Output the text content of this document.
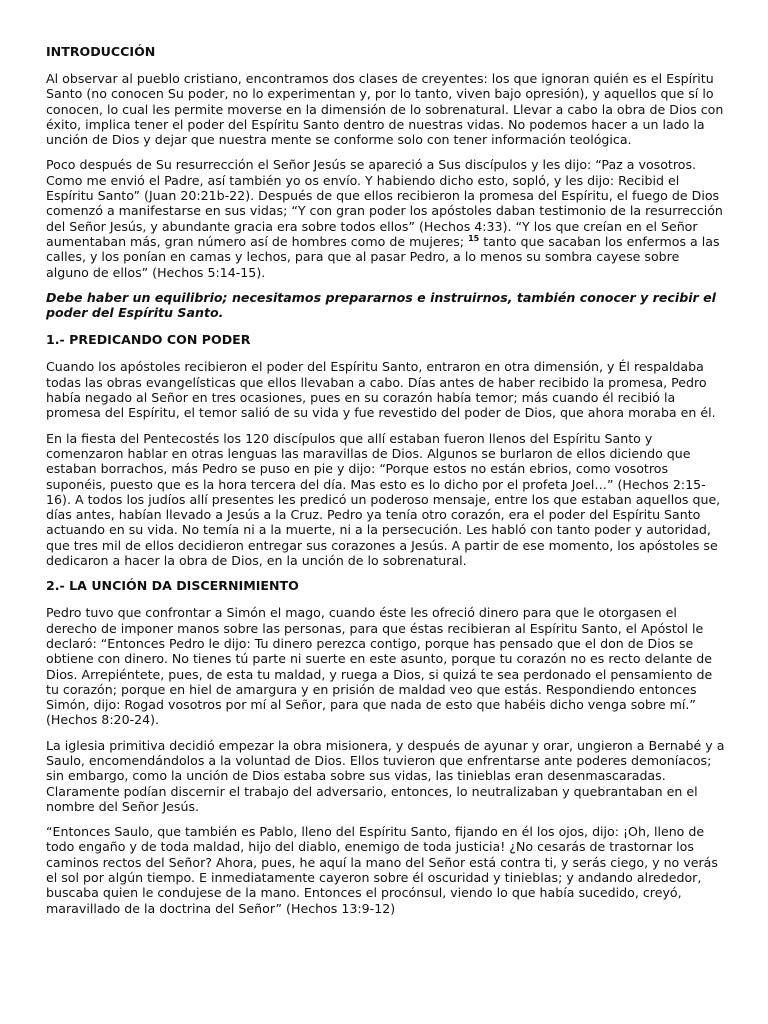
INTRODUCCIÓN

Al observar al pueblo cristiano, encontramos dos clases de creyentes: los que ignoran quién es el Espíritu Santo (no conocen Su poder, no lo experimentan y, por lo tanto, viven bajo opresión), y aquellos que sí lo conocen, lo cual les permite moverse en la dimensión de lo sobrenatural. Llevar a cabo la obra de Dios con éxito, implica tener el poder del Espíritu Santo dentro de nuestras vidas. No podemos hacer a un lado la unción de Dios y dejar que nuestra mente se conforme solo con tener información teológica.

Poco después de Su resurrección el Señor Jesús se apareció a Sus discípulos y les dijo: “Paz a vosotros. Como me envió el Padre, así también yo os envío. Y habiendo dicho esto, sopló, y les dijo: Recibid el Espíritu Santo” (Juan 20:21b-22). Después de que ellos recibieron la promesa del Espíritu, el fuego de Dios comenzó a manifestarse en sus vidas; “Y con gran poder los apóstoles daban testimonio de la resurrección del Señor Jesús, y abundante gracia era sobre todos ellos” (Hechos 4:33). “Y los que creían en el Señor aumentaban más, gran número así de hombres como de mujeres; $^{15}$ tanto que sacaban los enfermos a las calles, y los ponían en camas y lechos, para que al pasar Pedro, a lo menos su sombra cayese sobre alguno de ellos” (Hechos 5:14-15).

Debe haber un equilibrio; necesitamos prepararnos e instruirnos, también conocer y recibir el poder del Espíritu Santo.

1.- PREDICANDO CON PODER

Cuando los apóstoles recibieron el poder del Espíritu Santo, entraron en otra dimensión, y Él respaldaba todas las obras evangelísticas que ellos llevaban a cabo. Días antes de haber recibido la promesa, Pedro había negado al Señor en tres ocasiones, pues en su corazón había temor; más cuando él recibió la promesa del Espíritu, el temor salió de su vida y fue revestido del poder de Dios, que ahora moraba en él.

En la fiesta del Pentecostés los 120 discípulos que allí estaban fueron llenos del Espíritu Santo y comenzaron hablar en otras lenguas las maravillas de Dios. Algunos se burlaron de ellos diciendo que estaban borrachos, más Pedro se puso en pie y dijo: “Porque estos no están ebrios, como vosotros suponéis, puesto que es la hora tercera del día. Mas esto es lo dicho por el profeta Joel…” (Hechos 2:15-16). A todos los judíos allí presentes les predicó un poderoso mensaje, entre los que estaban aquellos que, días antes, habían llevado a Jesús a la Cruz. Pedro ya tenía otro corazón, era el poder del Espíritu Santo actuando en su vida. No temía ni a la muerte, ni a la persecución. Les habló con tanto poder y autoridad, que tres mil de ellos decidieron entregar sus corazones a Jesús. A partir de ese momento, los apóstoles se dedicaron a hacer la obra de Dios, en la unción de lo sobrenatural.

2.- LA UNCIÓN DA DISCERNIMIENTO

Pedro tuvo que confrontar a Simón el mago, cuando éste les ofreció dinero para que le otorgasen el derecho de imponer manos sobre las personas, para que éstas recibieran al Espíritu Santo, el Apóstol le declaró: “Entonces Pedro le dijo: Tu dinero perezca contigo, porque has pensado que el don de Dios se obtiene con dinero. No tienes tú parte ni suerte en este asunto, porque tu corazón no es recto delante de Dios. Arrepiéntete, pues, de esta tu maldad, y ruega a Dios, si quizá te sea perdonado el pensamiento de tu corazón; porque en hiel de amargura y en prisión de maldad veo que estás. Respondiendo entonces Simón, dijo: Rogad vosotros por mí al Señor, para que nada de esto que habéis dicho venga sobre mí.” (Hechos 8:20-24).

La iglesia primitiva decidió empezar la obra misionera, y después de ayunar y orar, ungieron a Bernabé y a Saulo, encomendándolos a la voluntad de Dios. Ellos tuvieron que enfrentarse ante poderes demoníacos; sin embargo, como la unción de Dios estaba sobre sus vidas, las tinieblas eran desenmascaradas. Claramente podían discernir el trabajo del adversario, entonces, lo neutralizaban y quebrantaban en el nombre del Señor Jesús.

“Entonces Saulo, que también es Pablo, lleno del Espíritu Santo, fijando en él los ojos, dijo: ¡Oh, lleno de todo engaño y de toda maldad, hijo del diablo, enemigo de toda justicia! ¿No cesarás de trastornar los caminos rectos del Señor? Ahora, pues, he aquí la mano del Señor está contra ti, y serás ciego, y no verás el sol por algún tiempo. E inmediatamente cayeron sobre él oscuridad y tinieblas; y andando alrededor, buscaba quien le condujese de la mano. Entonces el procónsul, viendo lo que había sucedido, creyó, maravillado de la doctrina del Señor” (Hechos 13:9-12)
